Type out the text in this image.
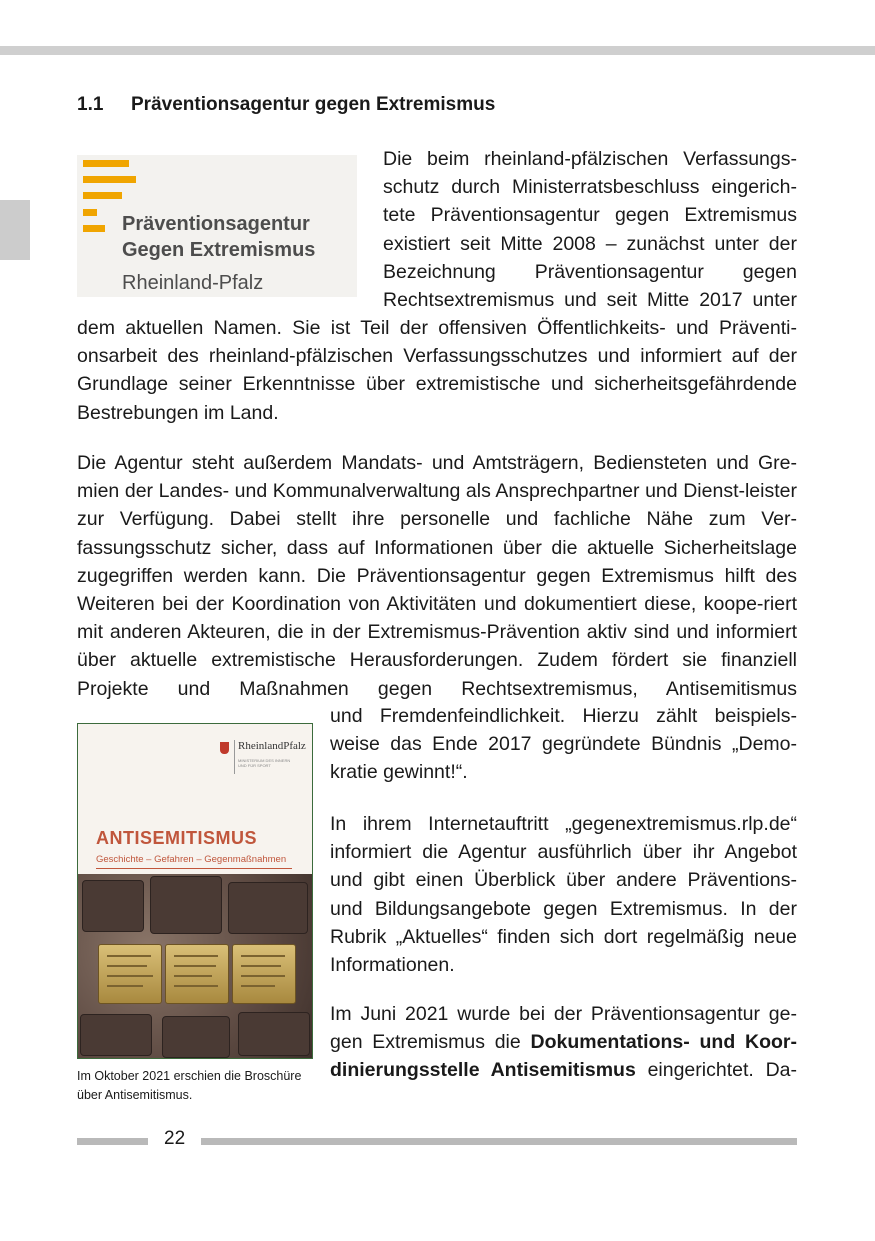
1.1 Präventionsagentur gegen Extremismus
Präventionsagentur
Gegen Extremismus
Rheinland-Pfalz

Die beim rheinland-pfälzischen Verfassungs-schutz durch Ministerratsbeschluss eingerich-tete Präventionsagentur gegen Extremismus existiert seit Mitte 2008 – zunächst unter der Bezeichnung Präventionsagentur gegen Rechtsextremismus und seit Mitte 2017 unter

dem aktuellen Namen. Sie ist Teil der offensiven Öffentlichkeits- und Präventi-onsarbeit des rheinland-pfälzischen Verfassungsschutzes und informiert auf der Grundlage seiner Erkenntnisse über extremistische und sicherheitsgefährdende Bestrebungen im Land.

Die Agentur steht außerdem Mandats- und Amtsträgern, Bediensteten und Gre-mien der Landes- und Kommunalverwaltung als Ansprechpartner und Dienst-leister zur Verfügung. Dabei stellt ihre personelle und fachliche Nähe zum Ver-fassungsschutz sicher, dass auf Informationen über die aktuelle Sicherheitslage zugegriffen werden kann. Die Präventionsagentur gegen Extremismus hilft des Weiteren bei der Koordination von Aktivitäten und dokumentiert diese, koope-riert mit anderen Akteuren, die in der Extremismus-Prävention aktiv sind und informiert über aktuelle extremistische Herausforderungen. Zudem fördert sie finanziell Projekte und Maßnahmen gegen Rechtsextremismus, Antisemitismus

und Fremdenfeindlichkeit. Hierzu zählt beispiels-weise das Ende 2017 gegründete Bündnis „Demo-kratie gewinnt!“.

In ihrem Internetauftritt „gegenextremismus.rlp.de“ informiert die Agentur ausführlich über ihr Angebot und gibt einen Überblick über andere Präventions- und Bildungsangebote gegen Extremismus. In der Rubrik „Aktuelles“ finden sich dort regelmäßig neue Informationen.

Im Juni 2021 wurde bei der Präventionsagentur ge-gen Extremismus die Dokumentations- und Koor-dinierungsstelle Antisemitismus eingerichtet. Da-

RheinlandPfalz
MINISTERIUM DES INNERN UND FÜR SPORT
ANTISEMITISMUS
Geschichte – Gefahren – Gegenmaßnahmen

Im Oktober 2021 erschien die Broschüre über Antisemitismus.

22
